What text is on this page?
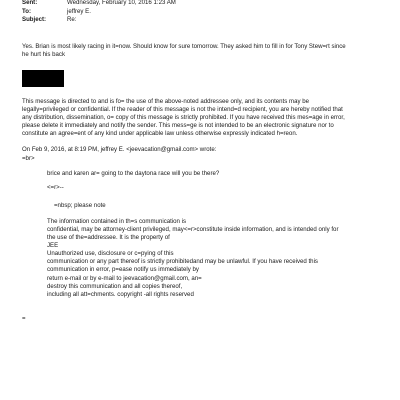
Sent:	Wednesday, February 10, 2016 1:23 AM
To:	jeffrey E.
Subject:	Re:
Yes. Brian is most likely racing in it=now. Should know for sure tomorrow. They asked him to fill in for Tony Stew=rt since
he hurt his back
This message is directed to and is fo= the use of the above-noted addressee only, and its contents may be
legally=privileged or confidential. If the reader of this message is not the intend=d recipient, you are hereby notified that
any distribution, dissemination, o= copy of this message is strictly prohibited. If you have received this mes=age in error,
please delete it immediately and notify the sender. This mess=ge is not intended to be an electronic signature nor to
constitute an agree=ent of any kind under applicable law unless otherwise expressly indicated h=reon.
On Feb 9, 2016, at 8:19 PM, jeffrey E. <jeevacation@gmail.com> wrote:
=br>
brice and karen ar= going to the daytona race will you be there?
<=r>--
=nbsp; please note
The information contained in th=s communication is
confidential, may be attorney-client privileged, may<=r>constitute inside information, and is intended only for
the use of the=addressee. It is the property of
JEE
Unauthorized use, disclosure or c=pying of this
communication or any part thereof is strictly prohibitedand may be unlawful. If you have received this
communication in error, p=ease notify us immediately by
return e-mail or by e-mail to jeevacation@gmail.com, an=
destroy this communication and all copies thereof,
including all att=chments. copyright -all rights reserved
=
